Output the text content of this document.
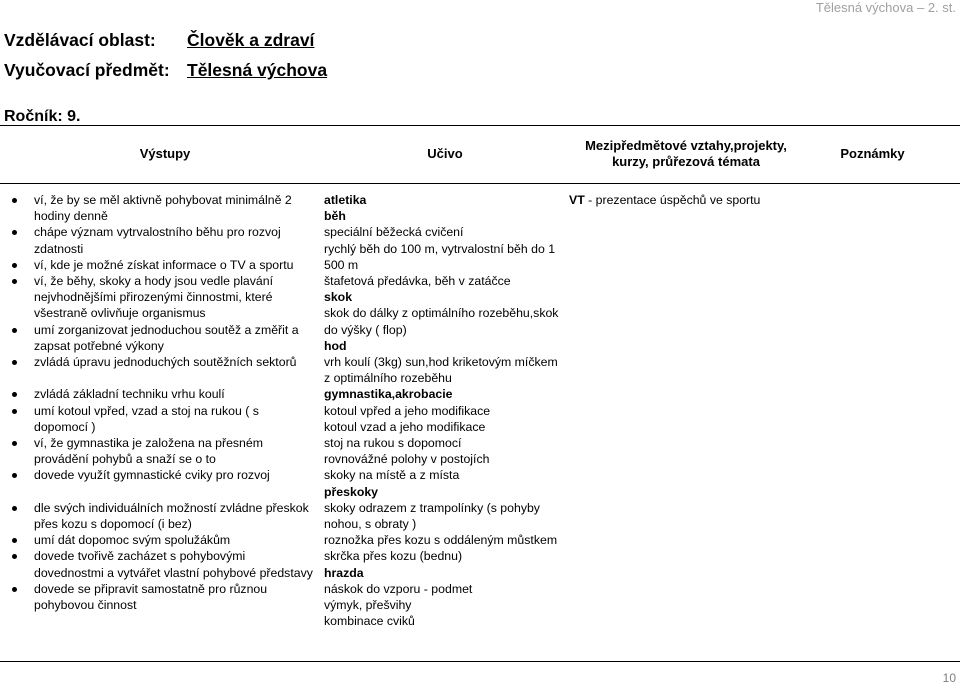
Tělesná výchova – 2. st.
Vzdělávací oblast: Člověk a zdraví
Vyučovací předmět: Tělesná výchova
Ročník: 9.
Výstupy	Učivo
Mezipředmětové vztahy,projekty,
kurzy, průřezová témata
Poznámky
ví, že by se měl aktivně pohybovat minimálně 2 hodiny denně
chápe význam vytrvalostního běhu pro rozvoj zdatnosti
ví, kde je možné získat informace o TV a sportu
ví, že běhy, skoky a hody jsou vedle plavání nejvhodnějšími přirozenými činnostmi, které všestraně ovlivňuje organismus
umí zorganizovat jednoduchou soutěž a změřit a zapsat potřebné výkony
zvládá úpravu jednoduchých soutěžních sektorů
zvládá základní techniku vrhu koulí
umí kotoul vpřed, vzad a stoj na rukou ( s dopomocí )
ví, že gymnastika je založena na přesném provádění pohybů a snaží se o to
dovede využít gymnastické cviky pro rozvoj
dle svých individuálních možností zvládne přeskok přes kozu s dopomocí (i bez)
umí dát dopomoc svým spolužákům
dovede tvořivě zacházet s pohybovými dovednostmi a vytvářet vlastní pohybové představy
dovede se připravit samostatně pro různou pohybovou činnost
atletika
běh
speciální běžecká cvičení
rychlý běh do 100 m, vytrvalostní běh do 1 500 m
štafetová předávka, běh v zatáčce
skok
skok do dálky z optimálního rozeběhu,skok do výšky ( flop)
hod
vrh koulí (3kg) sun,hod kriketovým míčkem z optimálního rozeběhu
gymnastika,akrobacie
kotoul vpřed a jeho modifikace
kotoul vzad a jeho modifikace
stoj na rukou s dopomocí
rovnovážné polohy v postojích
skoky na místě a z místa
přeskoky
skoky odrazem z trampolínky (s pohyby nohou, s obraty )
roznožka přes kozu s oddáleným můstkem
skrčka přes kozu (bednu)
hrazda
náskok do vzporu - podmet
výmyk, přešvihy
kombinace cviků
VT - prezentace úspěchů ve sportu
10
